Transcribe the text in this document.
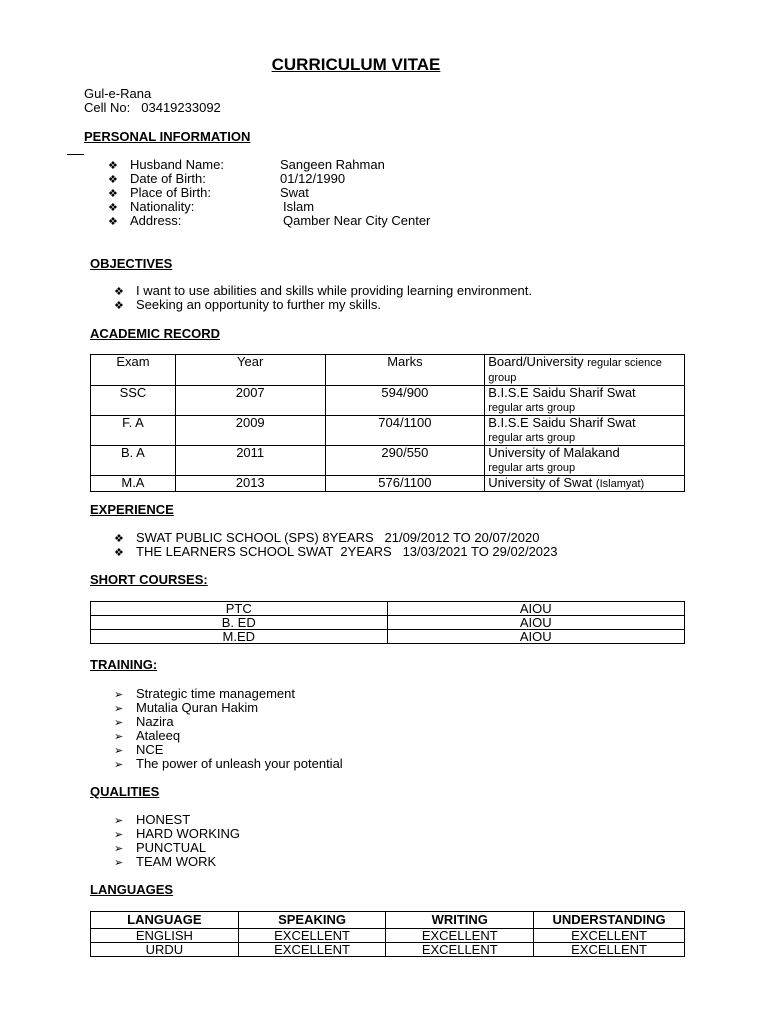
CURRICULUM VITAE
Gul-e-Rana
Cell No: 03419233092
PERSONAL INFORMATION
❖ Husband Name:	Sangeen Rahman
❖ Date of Birth:	01/12/1990
❖ Place of Birth:	Swat
❖ Nationality:	Islam
❖ Address:	Qamber Near City Center
OBJECTIVES
❖ I want to use abilities and skills while providing learning environment.
❖ Seeking an opportunity to further my skills.
ACADEMIC RECORD
Exam	Year	Marks	Board/University regular science group
SSC	2007	594/900	B.I.S.E Saidu Sharif Swat
regular arts group
F. A	2009	704/1100	B.I.S.E Saidu Sharif Swat
regular arts group
B. A	2011	290/550	University of Malakand
regular arts group
M.A	2013	576/1100	University of Swat (Islamyat)
EXPERIENCE
❖ SWAT PUBLIC SCHOOL (SPS) 8YEARS   21/09/2012 TO 20/07/2020
❖ THE LEARNERS SCHOOL SWAT  2YEARS   13/03/2021 TO 29/02/2023
SHORT COURSES:
PTC	AIOU
B. ED	AIOU
M.ED	AIOU
TRAINING:
➢ Strategic time management
➢ Mutalia Quran Hakim
➢ Nazira
➢ Ataleeq
➢ NCE
➢ The power of unleash your potential
QUALITIES
➢ HONEST
➢ HARD WORKING
➢ PUNCTUAL
➢ TEAM WORK
LANGUAGES
LANGUAGE	SPEAKING	WRITING	UNDERSTANDING
ENGLISH	EXCELLENT	EXCELLENT	EXCELLENT
URDU	EXCELLENT	EXCELLENT	EXCELLENT
